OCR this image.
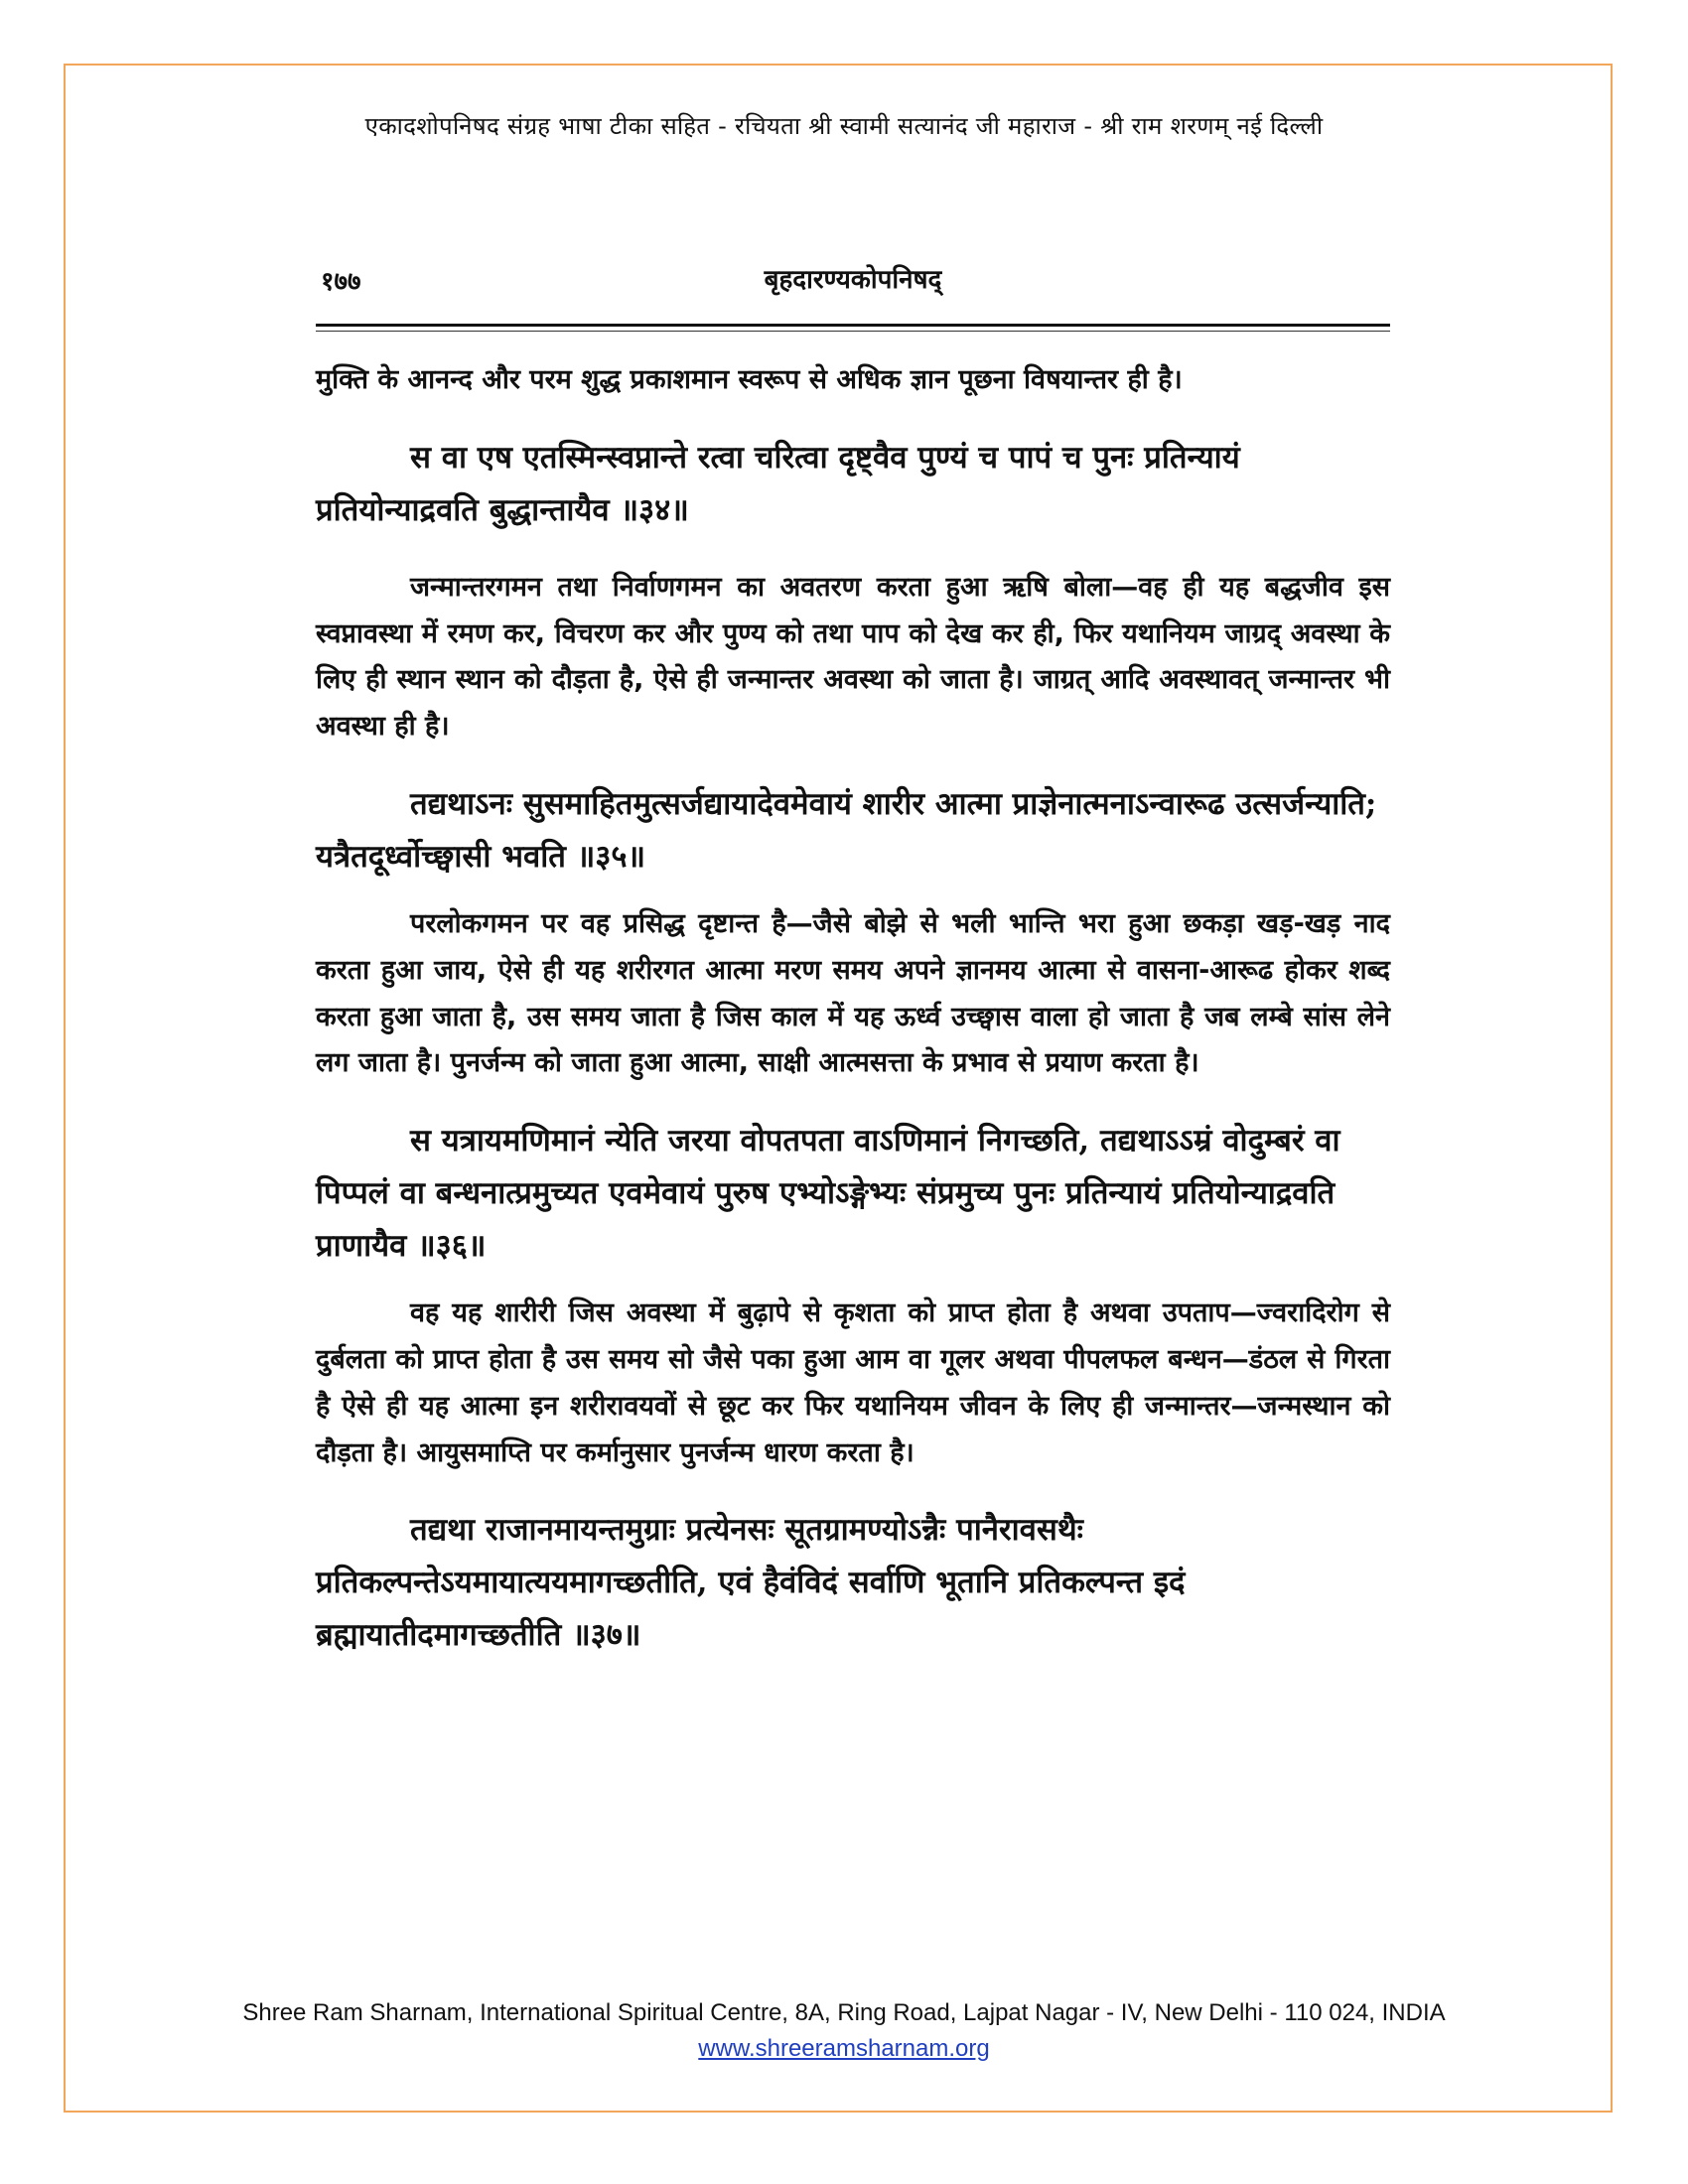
एकादशोपनिषद संग्रह भाषा टीका सहित - रचियता श्री स्वामी सत्यानंद जी महाराज - श्री राम शरणम् नई दिल्ली
१७७	बृहदारण्यकोपनिषद्

मुक्ति के आनन्द और परम शुद्ध प्रकाशमान स्वरूप से अधिक ज्ञान पूछना विषयान्तर ही है।

स वा एष एतस्मिन्स्वप्नान्ते रत्वा चरित्वा दृष्ट्वैव पुण्यं च पापं च पुनः प्रतिन्यायं प्रतियोन्याद्रवति बुद्धान्तायैव ॥३४॥

जन्मान्तरगमन तथा निर्वाणगमन का अवतरण करता हुआ ऋषि बोला—वह ही यह बद्धजीव इस स्वप्नावस्था में रमण कर, विचरण कर और पुण्य को तथा पाप को देख कर ही, फिर यथानियम जाग्रद् अवस्था के लिए ही स्थान स्थान को दौड़ता है, ऐसे ही जन्मान्तर अवस्था को जाता है। जाग्रत् आदि अवस्थावत् जन्मान्तर भी अवस्था ही है।

तद्यथाऽनः सुसमाहितमुत्सर्जद्यायादेवमेवायं शारीर आत्मा प्राज्ञेनात्मनाऽन्वारूढ उत्सर्जन्याति; यत्रैतदूर्ध्वोच्छ्वासी भवति ॥३५॥

परलोकगमन पर वह प्रसिद्ध दृष्टान्त है—जैसे बोझे से भली भान्ति भरा हुआ छकड़ा खड़-खड़ नाद करता हुआ जाय, ऐसे ही यह शरीरगत आत्मा मरण समय अपने ज्ञानमय आत्मा से वासना-आरूढ होकर शब्द करता हुआ जाता है, उस समय जाता है जिस काल में यह ऊर्ध्व उच्छ्वास वाला हो जाता है जब लम्बे सांस लेने लग जाता है। पुनर्जन्म को जाता हुआ आत्मा, साक्षी आत्मसत्ता के प्रभाव से प्रयाण करता है।

स यत्रायमणिमानं न्येति जरया वोपतपता वाऽणिमानं निगच्छति, तद्यथाऽऽम्रं वोदुम्बरं वा पिप्पलं वा बन्धनात्प्रमुच्यत एवमेवायं पुरुष एभ्योऽङ्गेभ्यः संप्रमुच्य पुनः प्रतिन्यायं प्रतियोन्याद्रवति प्राणायैव ॥३६॥

वह यह शारीरी जिस अवस्था में बुढ़ापे से कृशता को प्राप्त होता है अथवा उपताप—ज्वरादिरोग से दुर्बलता को प्राप्त होता है उस समय सो जैसे पका हुआ आम वा गूलर अथवा पीपलफल बन्धन—डंठल से गिरता है ऐसे ही यह आत्मा इन शरीरावयवों से छूट कर फिर यथानियम जीवन के लिए ही जन्मान्तर—जन्मस्थान को दौड़ता है। आयुसमाप्ति पर कर्मानुसार पुनर्जन्म धारण करता है।

तद्यथा राजानमायन्तमुग्राः प्रत्येनसः सूतग्रामण्योऽन्नैः पानैरावसथैः प्रतिकल्पन्तेऽयमायात्ययमागच्छतीति, एवं हैवंविदं सर्वाणि भूतानि प्रतिकल्पन्त इदं ब्रह्मायातीदमागच्छतीति ॥३७॥

Shree Ram Sharnam, International Spiritual Centre, 8A, Ring Road, Lajpat Nagar - IV, New Delhi - 110 024, INDIA
www.shreeramsharnam.org
